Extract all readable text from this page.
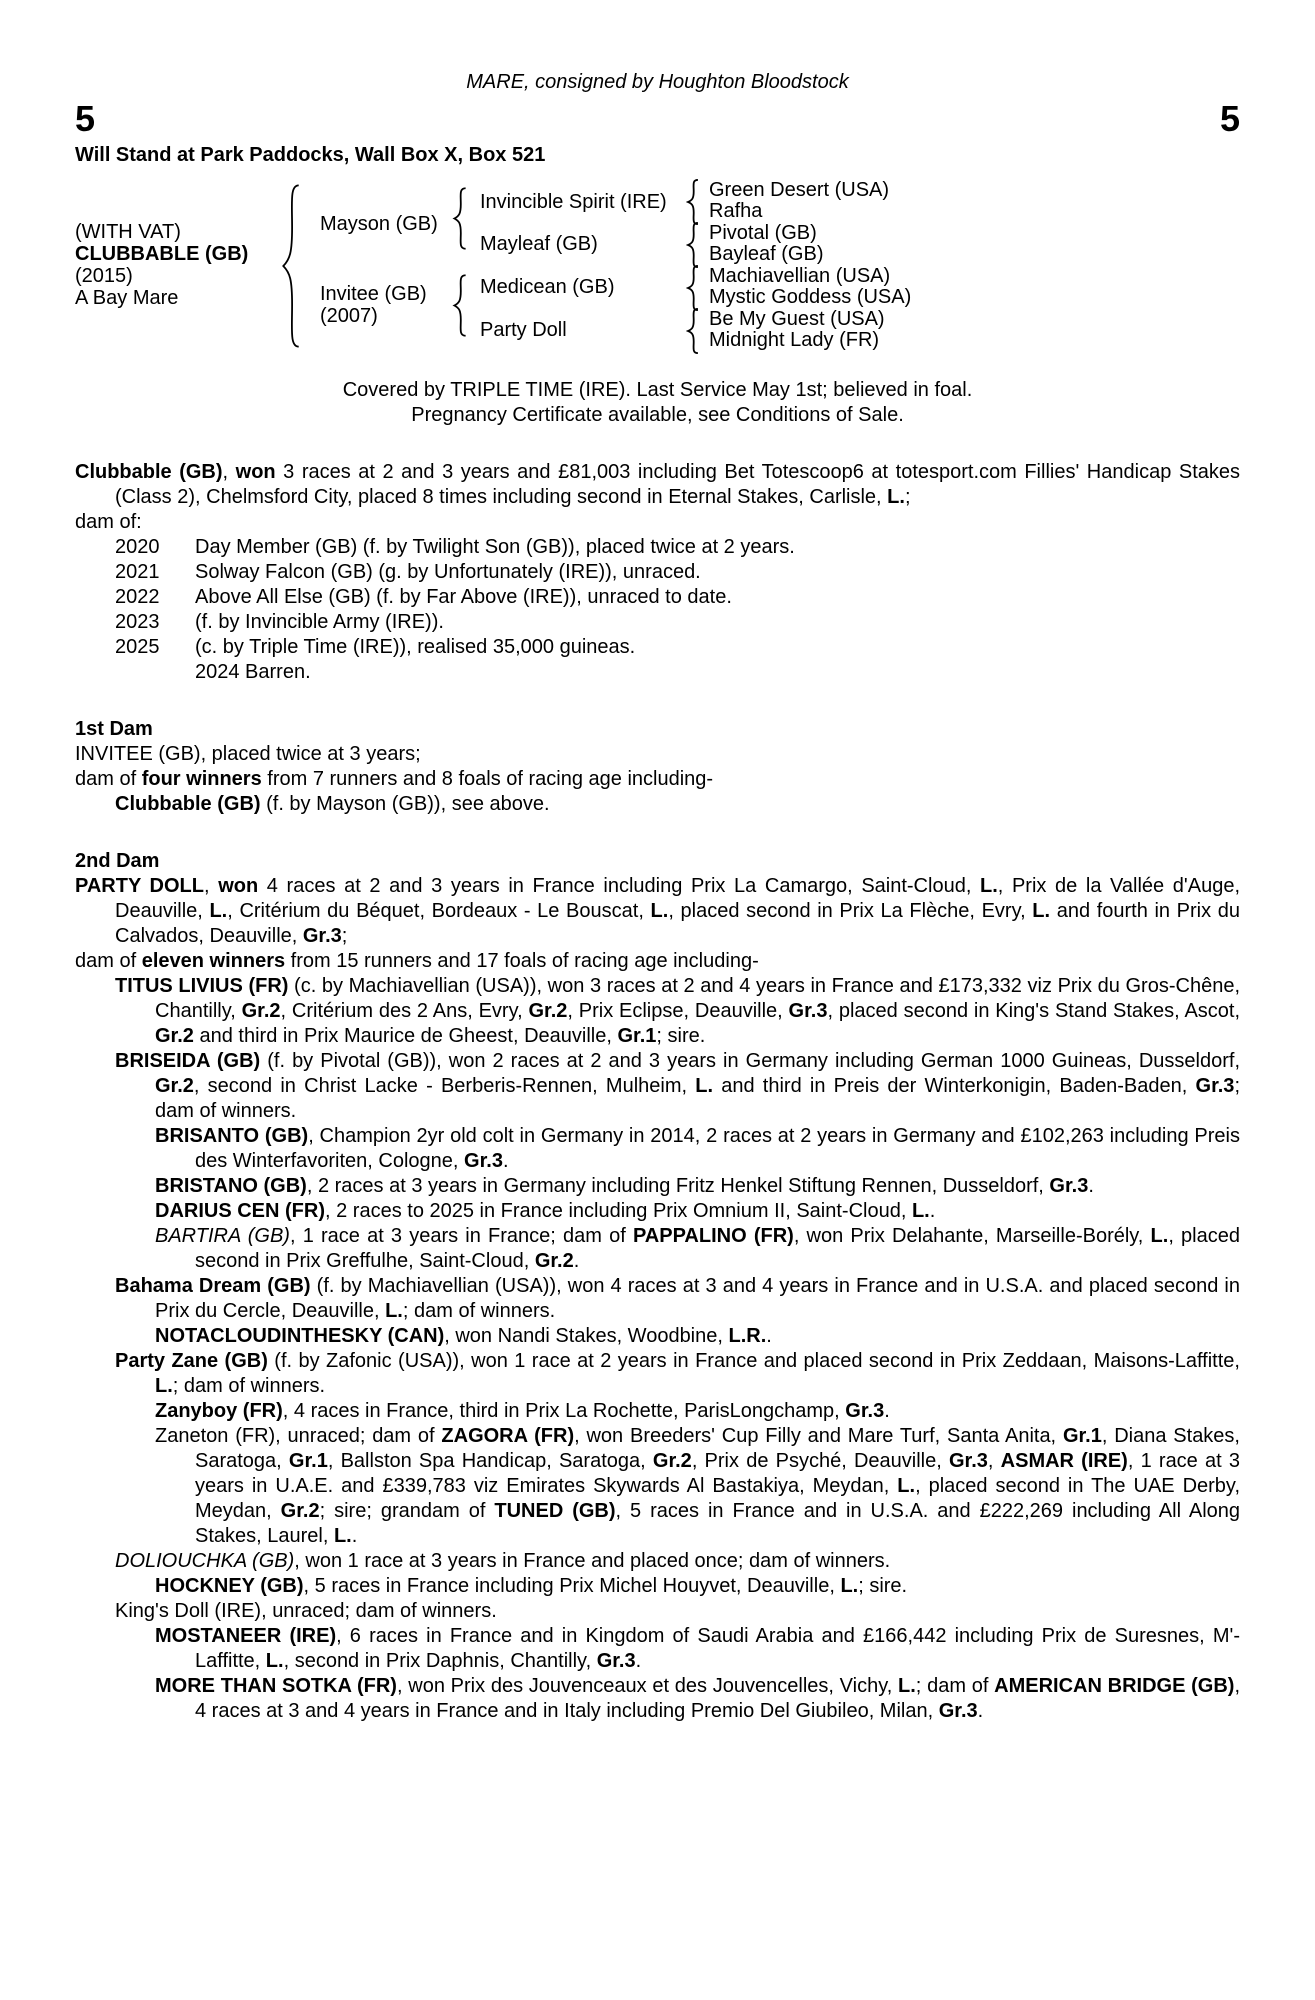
MARE, consigned by Houghton Bloodstock

5	5

Will Stand at Park Paddocks, Wall Box X, Box 521

(WITH VAT)
CLUBBABLE (GB)
(2015)
A Bay Mare
Mayson (GB)
Invitee (GB)
(2007)
Invincible Spirit (IRE)
Mayleaf (GB)
Medicean (GB)
Party Doll
Green Desert (USA)
Rafha
Pivotal (GB)
Bayleaf (GB)
Machiavellian (USA)
Mystic Goddess (USA)
Be My Guest (USA)
Midnight Lady (FR)

Covered by TRIPLE TIME (IRE). Last Service May 1st; believed in foal.

Pregnancy Certificate available, see Conditions of Sale.

Clubbable (GB), won 3 races at 2 and 3 years and £81,003 including Bet Totescoop6 at totesport.com Fillies' Handicap Stakes (Class 2), Chelmsford City, placed 8 times including second in Eternal Stakes, Carlisle, L.;

dam of:

2020	Day Member (GB) (f. by Twilight Son (GB)), placed twice at 2 years.
2021	Solway Falcon (GB) (g. by Unfortunately (IRE)), unraced.
2022	Above All Else (GB) (f. by Far Above (IRE)), unraced to date.
2023	(f. by Invincible Army (IRE)).
2025	(c. by Triple Time (IRE)), realised 35,000 guineas.
2024 Barren.

1st Dam

INVITEE (GB), placed twice at 3 years;

dam of four winners from 7 runners and 8 foals of racing age including-

Clubbable (GB) (f. by Mayson (GB)), see above.

2nd Dam

PARTY DOLL, won 4 races at 2 and 3 years in France including Prix La Camargo, Saint-Cloud, L., Prix de la Vallée d'Auge, Deauville, L., Critérium du Béquet, Bordeaux - Le Bouscat, L., placed second in Prix La Flèche, Evry, L. and fourth in Prix du Calvados, Deauville, Gr.3;

dam of eleven winners from 15 runners and 17 foals of racing age including-

TITUS LIVIUS (FR) (c. by Machiavellian (USA)), won 3 races at 2 and 4 years in France and £173,332 viz Prix du Gros-Chêne, Chantilly, Gr.2, Critérium des 2 Ans, Evry, Gr.2, Prix Eclipse, Deauville, Gr.3, placed second in King's Stand Stakes, Ascot, Gr.2 and third in Prix Maurice de Gheest, Deauville, Gr.1; sire.

BRISEIDA (GB) (f. by Pivotal (GB)), won 2 races at 2 and 3 years in Germany including German 1000 Guineas, Dusseldorf, Gr.2, second in Christ Lacke - Berberis-Rennen, Mulheim, L. and third in Preis der Winterkonigin, Baden-Baden, Gr.3; dam of winners.

BRISANTO (GB), Champion 2yr old colt in Germany in 2014, 2 races at 2 years in Germany and £102,263 including Preis des Winterfavoriten, Cologne, Gr.3.

BRISTANO (GB), 2 races at 3 years in Germany including Fritz Henkel Stiftung Rennen, Dusseldorf, Gr.3.

DARIUS CEN (FR), 2 races to 2025 in France including Prix Omnium II, Saint-Cloud, L..

BARTIRA (GB), 1 race at 3 years in France; dam of PAPPALINO (FR), won Prix Delahante, Marseille-Borély, L., placed second in Prix Greffulhe, Saint-Cloud, Gr.2.

Bahama Dream (GB) (f. by Machiavellian (USA)), won 4 races at 3 and 4 years in France and in U.S.A. and placed second in Prix du Cercle, Deauville, L.; dam of winners.

NOTACLOUDINTHESKY (CAN), won Nandi Stakes, Woodbine, L.R..

Party Zane (GB) (f. by Zafonic (USA)), won 1 race at 2 years in France and placed second in Prix Zeddaan, Maisons-Laffitte, L.; dam of winners.

Zanyboy (FR), 4 races in France, third in Prix La Rochette, ParisLongchamp, Gr.3.

Zaneton (FR), unraced; dam of ZAGORA (FR), won Breeders' Cup Filly and Mare Turf, Santa Anita, Gr.1, Diana Stakes, Saratoga, Gr.1, Ballston Spa Handicap, Saratoga, Gr.2, Prix de Psyché, Deauville, Gr.3, ASMAR (IRE), 1 race at 3 years in U.A.E. and £339,783 viz Emirates Skywards Al Bastakiya, Meydan, L., placed second in The UAE Derby, Meydan, Gr.2; sire; grandam of TUNED (GB), 5 races in France and in U.S.A. and £222,269 including All Along Stakes, Laurel, L..

DOLIOUCHKA (GB), won 1 race at 3 years in France and placed once; dam of winners.

HOCKNEY (GB), 5 races in France including Prix Michel Houyvet, Deauville, L.; sire.

King's Doll (IRE), unraced; dam of winners.

MOSTANEER (IRE), 6 races in France and in Kingdom of Saudi Arabia and £166,442 including Prix de Suresnes, M'-Laffitte, L., second in Prix Daphnis, Chantilly, Gr.3.

MORE THAN SOTKA (FR), won Prix des Jouvenceaux et des Jouvencelles, Vichy, L.; dam of AMERICAN BRIDGE (GB), 4 races at 3 and 4 years in France and in Italy including Premio Del Giubileo, Milan, Gr.3.
